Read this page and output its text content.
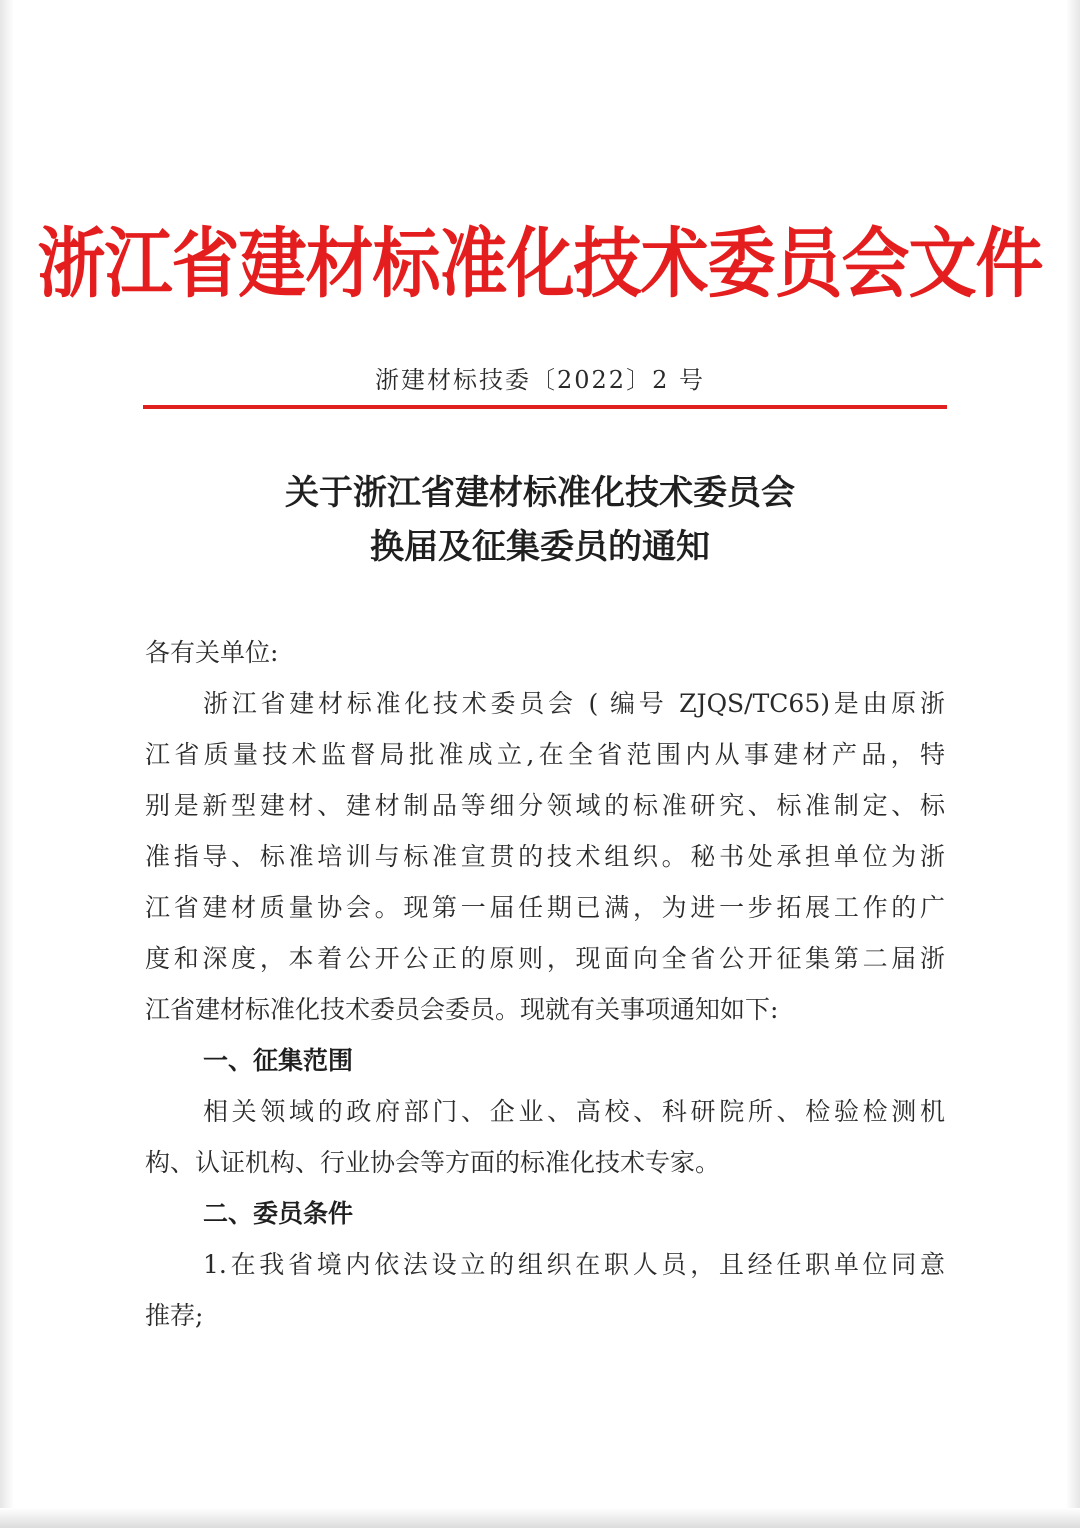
浙江省建材标准化技术委员会文件
浙建材标技委〔2022〕2 号
关于浙江省建材标准化技术委员会
换届及征集委员的通知
各有关单位:
浙江省建材标准化技术委员会 ( 编号 ZJQS/TC65)是由原浙
江省质量技术监督局批准成立,在全省范围内从事建材产品，特
别是新型建材、建材制品等细分领域的标准研究、标准制定、标
准指导、标准培训与标准宣贯的技术组织。秘书处承担单位为浙
江省建材质量协会。现第一届任期已满，为进一步拓展工作的广
度和深度，本着公开公正的原则，现面向全省公开征集第二届浙
江省建材标准化技术委员会委员。现就有关事项通知如下:
一、征集范围
相关领域的政府部门、企业、高校、科研院所、检验检测机
构、认证机构、行业协会等方面的标准化技术专家。
二、委员条件
1.在我省境内依法设立的组织在职人员，且经任职单位同意
推荐;
